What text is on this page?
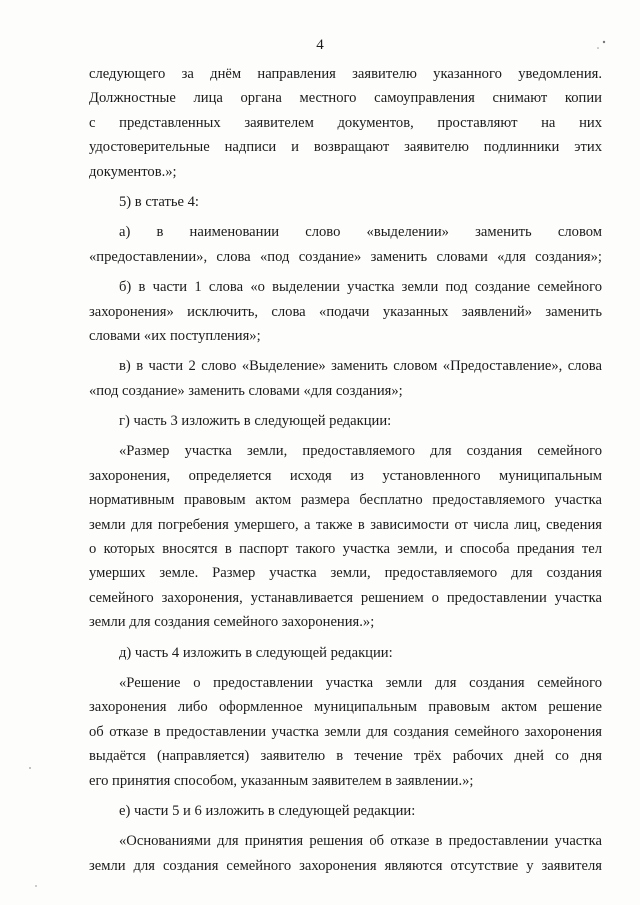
4
следующего за днём направления заявителю указанного уведомления.
Должностные лица органа местного самоуправления снимают копии
с представленных заявителем документов, проставляют на них
удостоверительные надписи и возвращают заявителю подлинники этих
документов.»;
5) в статье 4:
а) в наименовании слово «выделении» заменить словом
«предоставлении», слова «под создание» заменить словами «для создания»;
б) в части 1 слова «о выделении участка земли под создание семейного
захоронения» исключить, слова «подачи указанных заявлений» заменить
словами «их поступления»;
в) в части 2 слово «Выделение» заменить словом «Предоставление», слова
«под создание» заменить словами «для создания»;
г) часть 3 изложить в следующей редакции:
«Размер участка земли, предоставляемого для создания семейного
захоронения, определяется исходя из установленного муниципальным
нормативным правовым актом размера бесплатно предоставляемого участка
земли для погребения умершего, а также в зависимости от числа лиц, сведения
о которых вносятся в паспорт такого участка земли, и способа предания тел
умерших земле. Размер участка земли, предоставляемого для создания
семейного захоронения, устанавливается решением о предоставлении участка
земли для создания семейного захоронения.»;
д) часть 4 изложить в следующей редакции:
«Решение о предоставлении участка земли для создания семейного
захоронения либо оформленное муниципальным правовым актом решение
об отказе в предоставлении участка земли для создания семейного захоронения
выдаётся (направляется) заявителю в течение трёх рабочих дней со дня
его принятия способом, указанным заявителем в заявлении.»;
е) части 5 и 6 изложить в следующей редакции:
«Основаниями для принятия решения об отказе в предоставлении участка
земли для создания семейного захоронения являются отсутствие у заявителя
